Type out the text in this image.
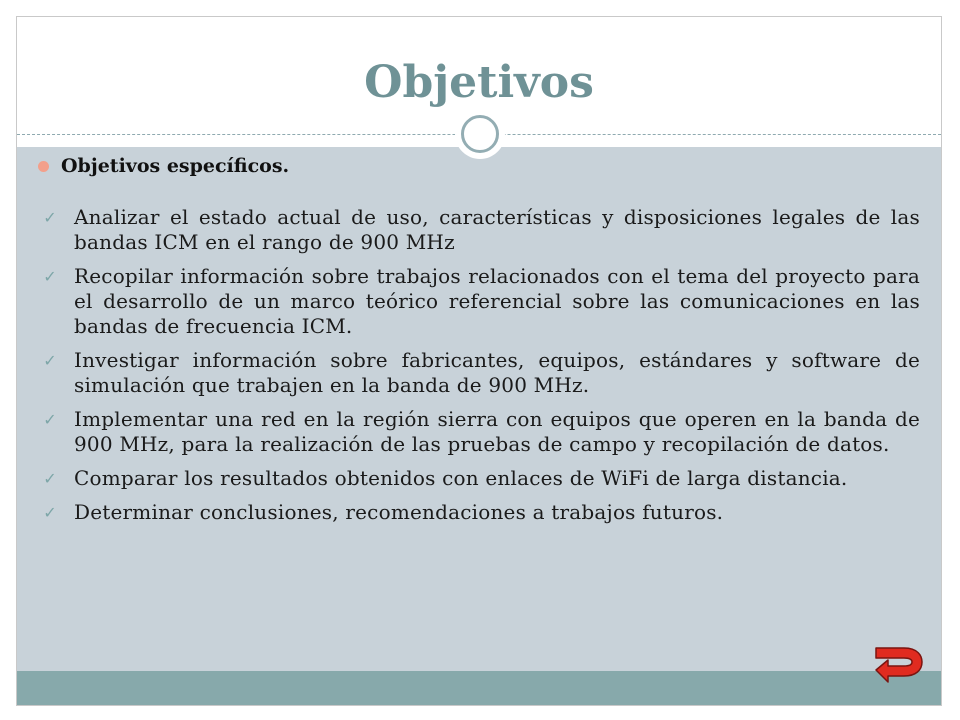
Objetivos
Objetivos específicos.
✓ Analizar el estado actual de uso, características y disposiciones legales de las bandas ICM en el rango de 900 MHz
✓ Recopilar información sobre trabajos relacionados con el tema del proyecto para el desarrollo de un marco teórico referencial sobre las comunicaciones en las bandas de frecuencia ICM.
✓ Investigar información sobre fabricantes, equipos, estándares y software de simulación que trabajen en la banda de 900 MHz.
✓ Implementar una red en la región sierra con equipos que operen en la banda de 900 MHz, para la realización de las pruebas de campo y recopilación de datos.
✓ Comparar los resultados obtenidos con enlaces de WiFi de larga distancia.
✓ Determinar conclusiones, recomendaciones a trabajos futuros.
